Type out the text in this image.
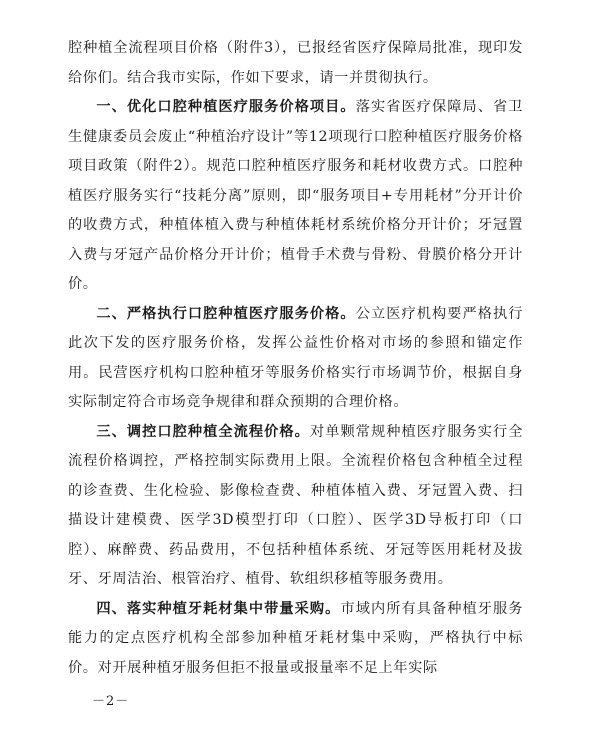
腔种植全流程项目价格（附件3），已报经省医疗保障局批准，现印发给你们。结合我市实际，作如下要求，请一并贯彻执行。

一、优化口腔种植医疗服务价格项目。落实省医疗保障局、省卫生健康委员会废止“种植治疗设计”等12项现行口腔种植医疗服务价格项目政策（附件2）。规范口腔种植医疗服务和耗材收费方式。口腔种植医疗服务实行“技耗分离”原则，即“服务项目+专用耗材”分开计价的收费方式，种植体植入费与种植体耗材系统价格分开计价；牙冠置入费与牙冠产品价格分开计价；植骨手术费与骨粉、骨膜价格分开计价。

二、严格执行口腔种植医疗服务价格。公立医疗机构要严格执行此次下发的医疗服务价格，发挥公益性价格对市场的参照和锚定作用。民营医疗机构口腔种植牙等服务价格实行市场调节价，根据自身实际制定符合市场竞争规律和群众预期的合理价格。

三、调控口腔种植全流程价格。对单颗常规种植医疗服务实行全流程价格调控，严格控制实际费用上限。全流程价格包含种植全过程的诊查费、生化检验、影像检查费、种植体植入费、牙冠置入费、扫描设计建模费、医学3D模型打印（口腔）、医学3D导板打印（口腔）、麻醉费、药品费用，不包括种植体系统、牙冠等医用耗材及拔牙、牙周洁治、根管治疗、植骨、软组织移植等服务费用。

四、落实种植牙耗材集中带量采购。市域内所有具备种植牙服务能力的定点医疗机构全部参加种植牙耗材集中采购，严格执行中标价。对开展种植牙服务但拒不报量或报量率不足上年实际

－2－
